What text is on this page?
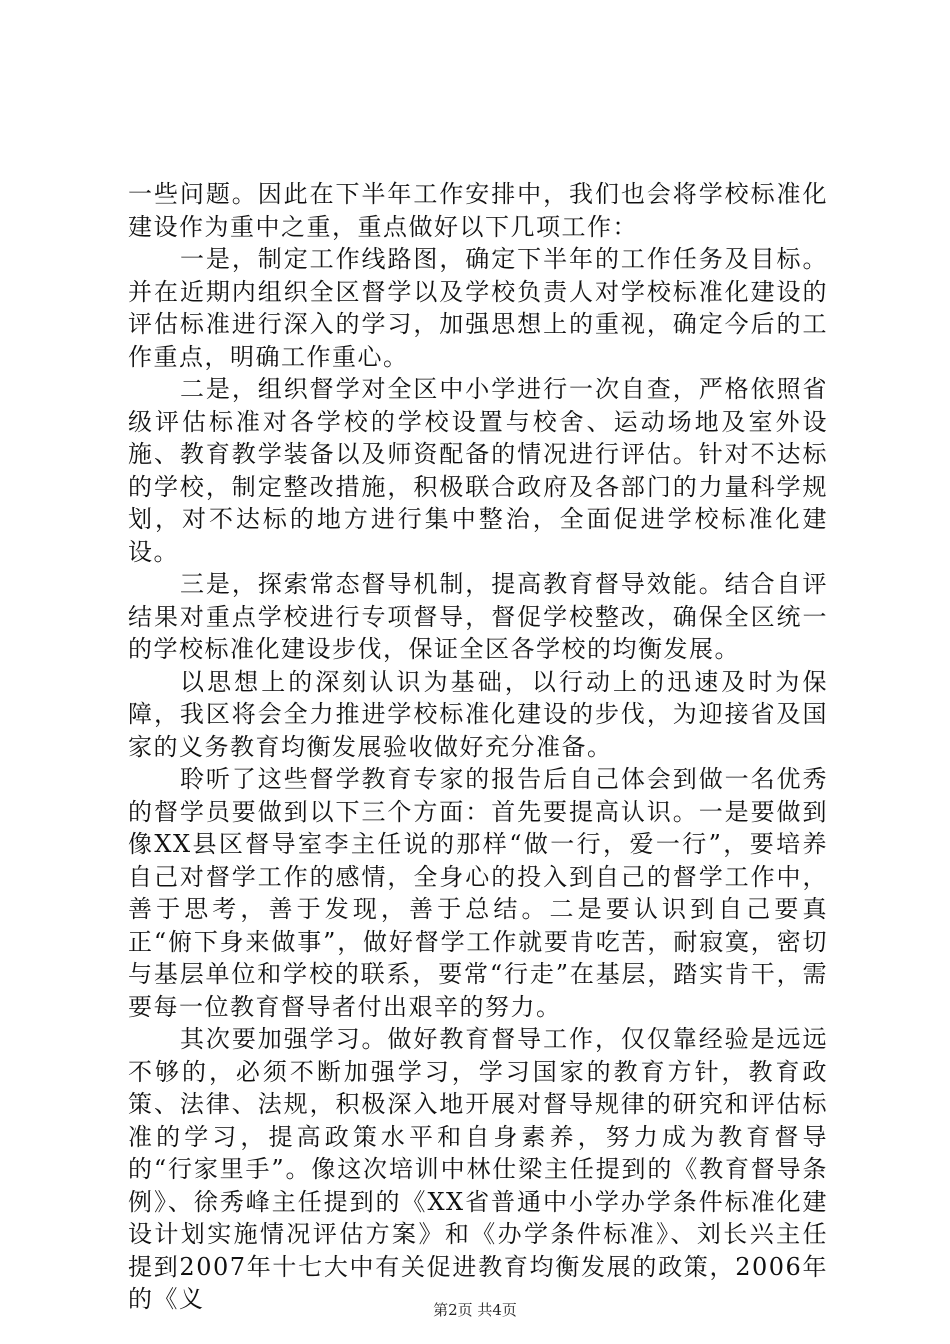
一些问题。因此在下半年工作安排中，我们也会将学校标准化建设作为重中之重，重点做好以下几项工作：

一是，制定工作线路图，确定下半年的工作任务及目标。并在近期内组织全区督学以及学校负责人对学校标准化建设的评估标准进行深入的学习，加强思想上的重视，确定今后的工作重点，明确工作重心。

二是，组织督学对全区中小学进行一次自查，严格依照省级评估标准对各学校的学校设置与校舍、运动场地及室外设施、教育教学装备以及师资配备的情况进行评估。针对不达标的学校，制定整改措施，积极联合政府及各部门的力量科学规划，对不达标的地方进行集中整治，全面促进学校标准化建设。

三是，探索常态督导机制，提高教育督导效能。结合自评结果对重点学校进行专项督导，督促学校整改，确保全区统一的学校标准化建设步伐，保证全区各学校的均衡发展。

以思想上的深刻认识为基础，以行动上的迅速及时为保障，我区将会全力推进学校标准化建设的步伐，为迎接省及国家的义务教育均衡发展验收做好充分准备。

聆听了这些督学教育专家的报告后自己体会到做一名优秀的督学员要做到以下三个方面：首先要提高认识。一是要做到像XX县区督导室李主任说的那样“做一行，爱一行”，要培养自己对督学工作的感情，全身心的投入到自己的督学工作中，善于思考，善于发现，善于总结。二是要认识到自己要真正“俯下身来做事”，做好督学工作就要肯吃苦，耐寂寞，密切与基层单位和学校的联系，要常“行走”在基层，踏实肯干，需要每一位教育督导者付出艰辛的努力。

其次要加强学习。做好教育督导工作，仅仅靠经验是远远不够的，必须不断加强学习，学习国家的教育方针，教育政策、法律、法规，积极深入地开展对督导规律的研究和评估标准的学习，提高政策水平和自身素养，努力成为教育督导的“行家里手”。像这次培训中林仕梁主任提到的《教育督导条例》、徐秀峰主任提到的《XX省普通中小学办学条件标准化建设计划实施情况评估方案》和《办学条件标准》、刘长兴主任提到2007年十七大中有关促进教育均衡发展的政策，2006年的《义	第2页 共4页
